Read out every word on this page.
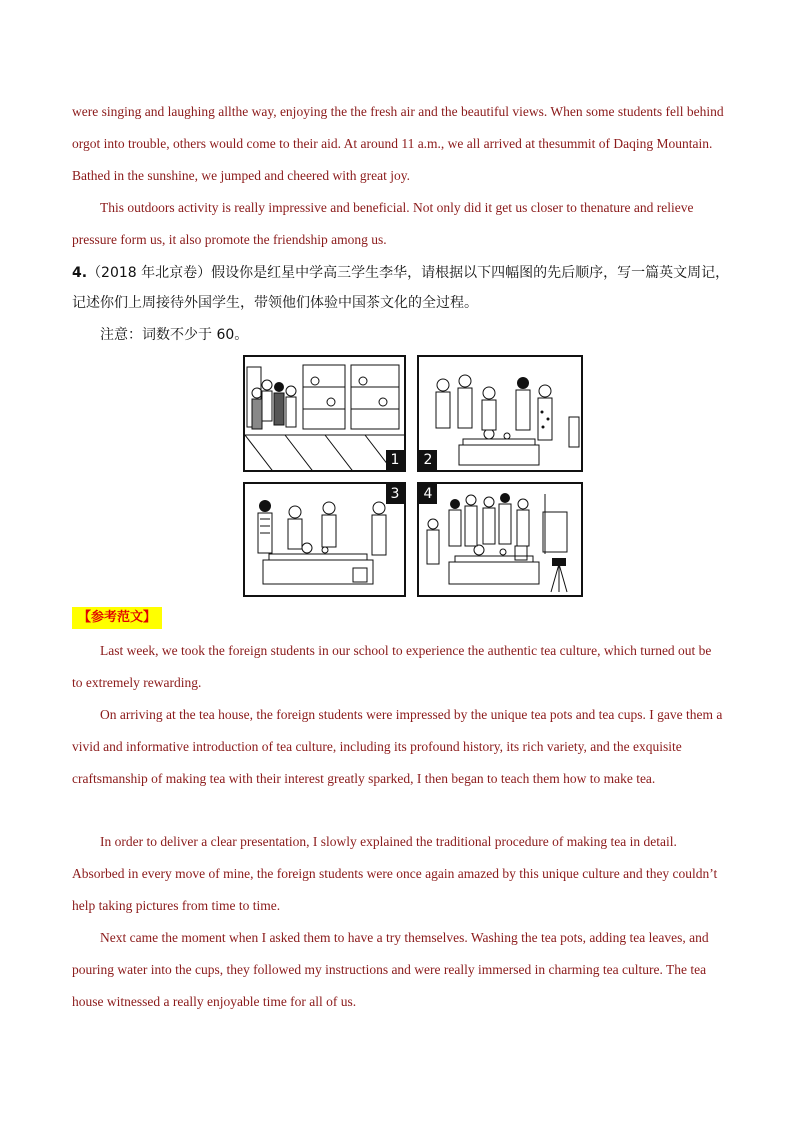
were singing and laughing allthe way, enjoying the the fresh air and the beautiful views. When some students fell behind orgot into trouble, others would come to their aid. At around 11 a.m., we all arrived at thesummit of Daqing Mountain. Bathed in the sunshine, we jumped and cheered with great joy.

This outdoors activity is really impressive and beneficial. Not only did it get us closer to thenature and relieve pressure form us, it also promote the friendship among us.

4.（2018 年北京卷）假设你是红星中学高三学生李华，请根据以下四幅图的先后顺序，写一篇英文周记，记述你们上周接待外国学生，带领他们体验中国茶文化的全过程。
注意：词数不少于 60。
1	2
3	4
【参考范文】

Last week, we took the foreign students in our school to experience the authentic tea culture, which turned out be to extremely rewarding.

On arriving at the tea house, the foreign students were impressed by the unique tea pots and tea cups. I gave them a vivid and informative introduction of tea culture, including its profound history, its rich variety, and the exquisite craftsmanship of making tea with their interest greatly sparked, I then began to teach them how to make tea.

In order to deliver a clear presentation, I slowly explained the traditional procedure of making tea in detail. Absorbed in every move of mine, the foreign students were once again amazed by this unique culture and they couldn’t help taking pictures from time to time.

Next came the moment when I asked them to have a try themselves. Washing the tea pots, adding tea leaves, and pouring water into the cups, they followed my instructions and were really immersed in charming tea culture. The tea house witnessed a really enjoyable time for all of us.
